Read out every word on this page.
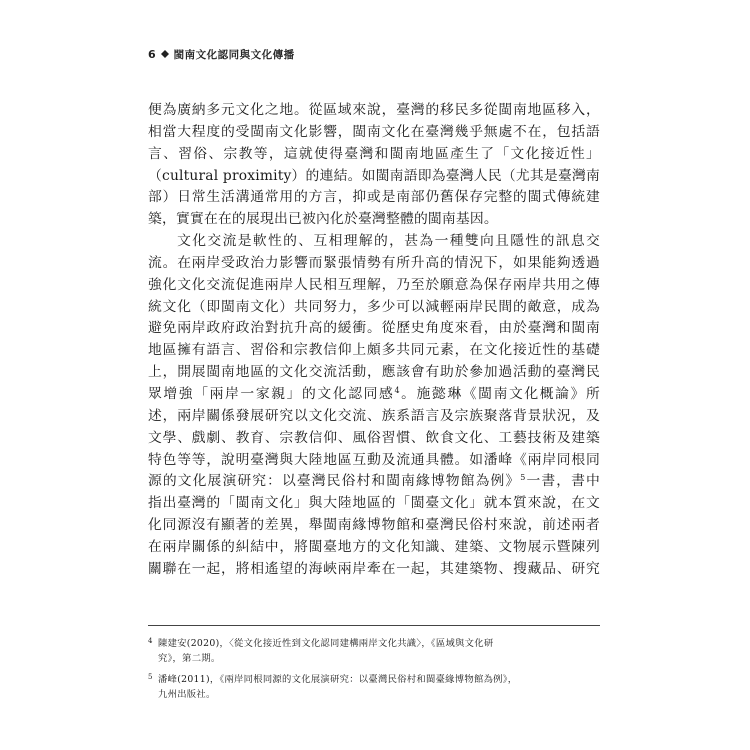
6 閩南文化認同與文化傳播

便為廣納多元文化之地。從區域來說，臺灣的移民多從閩南地區移入，

相當大程度的受閩南文化影響，閩南文化在臺灣幾乎無處不在，包括語

言、習俗、宗教等，這就使得臺灣和閩南地區產生了「文化接近性」

（cultural proximity）的連結。如閩南語即為臺灣人民（尤其是臺灣南

部）日常生活溝通常用的方言，抑或是南部仍舊保存完整的閩式傳統建

築，實實在在的展現出已被內化於臺灣整體的閩南基因。

文化交流是軟性的、互相理解的，甚為一種雙向且隱性的訊息交

流。在兩岸受政治力影響而緊張情勢有所升高的情況下，如果能夠透過

強化文化交流促進兩岸人民相互理解，乃至於願意為保存兩岸共用之傳

統文化（即閩南文化）共同努力，多少可以減輕兩岸民間的敵意，成為

避免兩岸政府政治對抗升高的緩衝。從歷史角度來看，由於臺灣和閩南

地區擁有語言、習俗和宗教信仰上頗多共同元素，在文化接近性的基礎

上，開展閩南地區的文化交流活動，應該會有助於參加過活動的臺灣民

眾增強「兩岸一家親」的文化認同感$^4$。施懿琳《閩南文化概論》所

述，兩岸關係發展研究以文化交流、族系語言及宗族聚落背景狀況，及

文學、戲劇、教育、宗教信仰、風俗習慣、飲食文化、工藝技術及建築

特色等等，說明臺灣與大陸地區互動及流通具體。如潘峰《兩岸同根同

源的文化展演研究：以臺灣民俗村和閩南緣博物館為例》$^5$一書，書中

指出臺灣的「閩南文化」與大陸地區的「閩臺文化」就本質來說，在文

化同源沒有顯著的差異，舉閩南緣博物館和臺灣民俗村來說，前述兩者

在兩岸關係的糾結中，將閩臺地方的文化知識、建築、文物展示暨陳列

關聯在一起，將相遙望的海峽兩岸牽在一起，其建築物、搜藏品、研究

4 陳建安(2020)，〈從文化接近性到文化認同建構兩岸文化共識〉，《區域與文化研
究》，第二期。
5 潘峰(2011)，《兩岸同根同源的文化展演研究：以臺灣民俗村和閩臺緣博物館為例》，
九州出版社。
